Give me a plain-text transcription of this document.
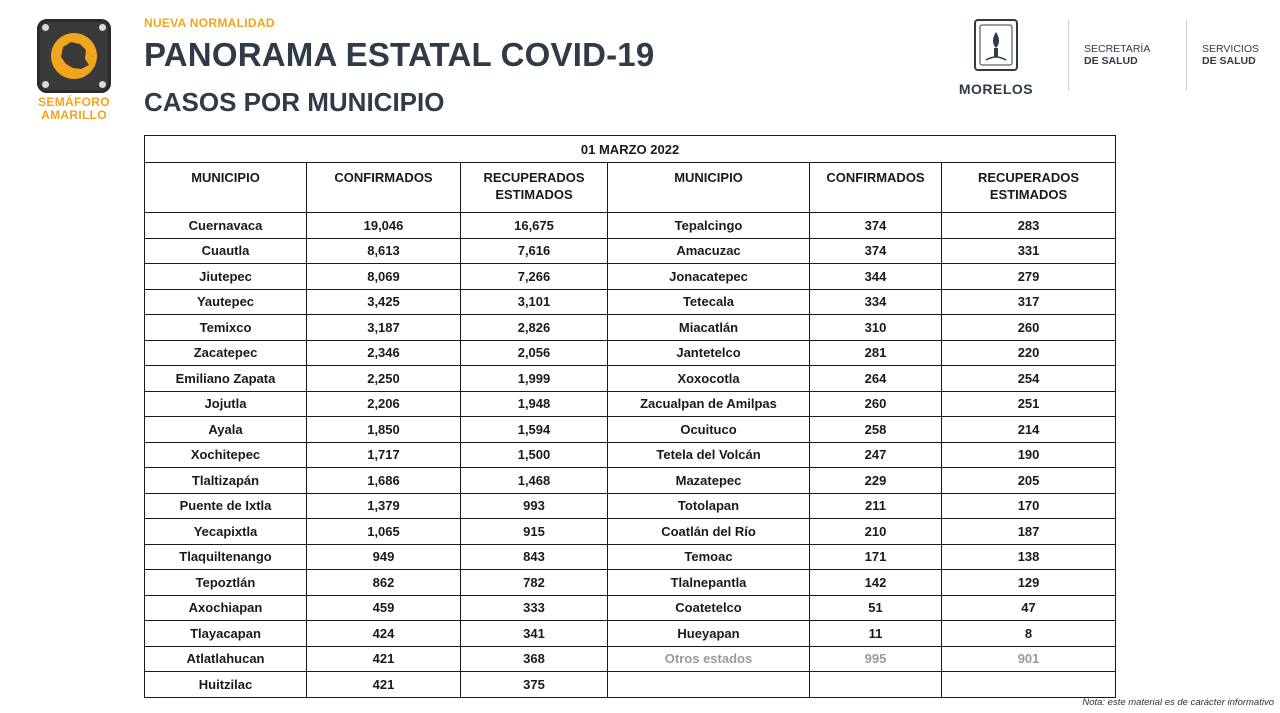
SEMÁFORO
AMARILLO
NUEVA NORMALIDAD
PANORAMA ESTATAL COVID-19
CASOS POR MUNICIPIO	MORELOS
SECRETARÍA
DE SALUD
SERVICIOS
DE SALUD
01 MARZO 2022					
MUNICIPIO	CONFIRMADOS	RECUPERADOS
ESTIMADOS	MUNICIPIO	CONFIRMADOS	RECUPERADOS
ESTIMADOS
Cuernavaca	19,046	16,675	Tepalcingo	374	283
Cuautla	8,613	7,616	Amacuzac	374	331
Jiutepec	8,069	7,266	Jonacatepec	344	279
Yautepec	3,425	3,101	Tetecala	334	317
Temixco	3,187	2,826	Miacatlán	310	260
Zacatepec	2,346	2,056	Jantetelco	281	220
Emiliano Zapata	2,250	1,999	Xoxocotla	264	254
Jojutla	2,206	1,948	Zacualpan de Amilpas	260	251
Ayala	1,850	1,594	Ocuituco	258	214
Xochitepec	1,717	1,500	Tetela del Volcán	247	190
Tlaltizapán	1,686	1,468	Mazatepec	229	205
Puente de Ixtla	1,379	993	Totolapan	211	170
Yecapixtla	1,065	915	Coatlán del Río	210	187
Tlaquiltenango	949	843	Temoac	171	138
Tepoztlán	862	782	Tlalnepantla	142	129
Axochiapan	459	333	Coatetelco	51	47
Tlayacapan	424	341	Hueyapan	11	8
Atlatlahucan	421	368	Otros estados	995	901
Huitzilac	421	375			
Nota: este material es de carácter informativo
